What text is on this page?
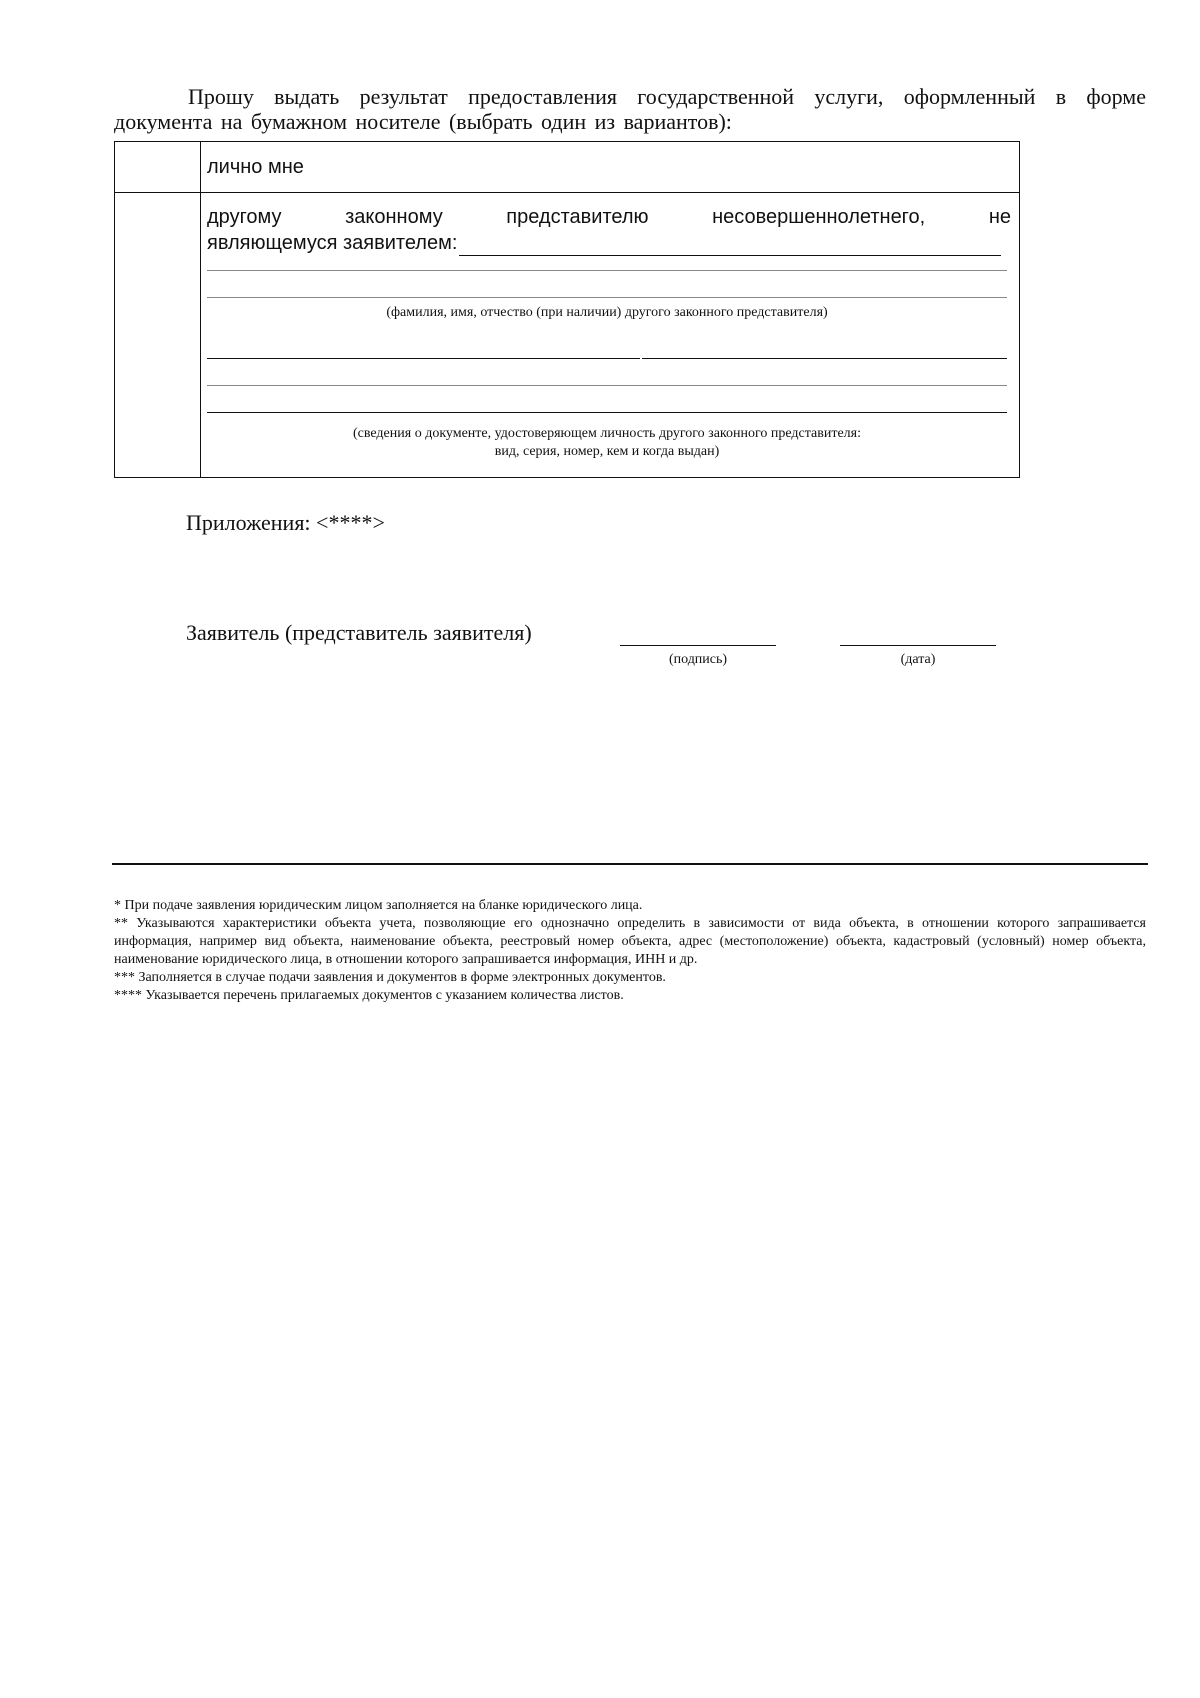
Прошу выдать результат предоставления государственной услуги, оформленный в форме документа на бумажном носителе (выбрать один из вариантов):
лично мне
другому	законному	представителю	несовершеннолетнего,	не
являющемуся заявителем:
(фамилия, имя, отчество (при наличии) другого законного представителя)
(сведения о документе, удостоверяющем личность другого законного представителя:
вид, серия, номер, кем и когда выдан)
Приложения: <****>
Заявитель (представитель заявителя)
(подпись)	(дата)

* При подаче заявления юридическим лицом заполняется на бланке юридического лица.

** Указываются характеристики объекта учета, позволяющие его однозначно определить в зависимости от вида объекта, в отношении которого запрашивается информация, например вид объекта, наименование объекта, реестровый номер объекта, адрес (местоположение) объекта, кадастровый (условный) номер объекта, наименование юридического лица, в отношении которого запрашивается информация, ИНН и др.

*** Заполняется в случае подачи заявления и документов в форме электронных документов.

**** Указывается перечень прилагаемых документов с указанием количества листов.
